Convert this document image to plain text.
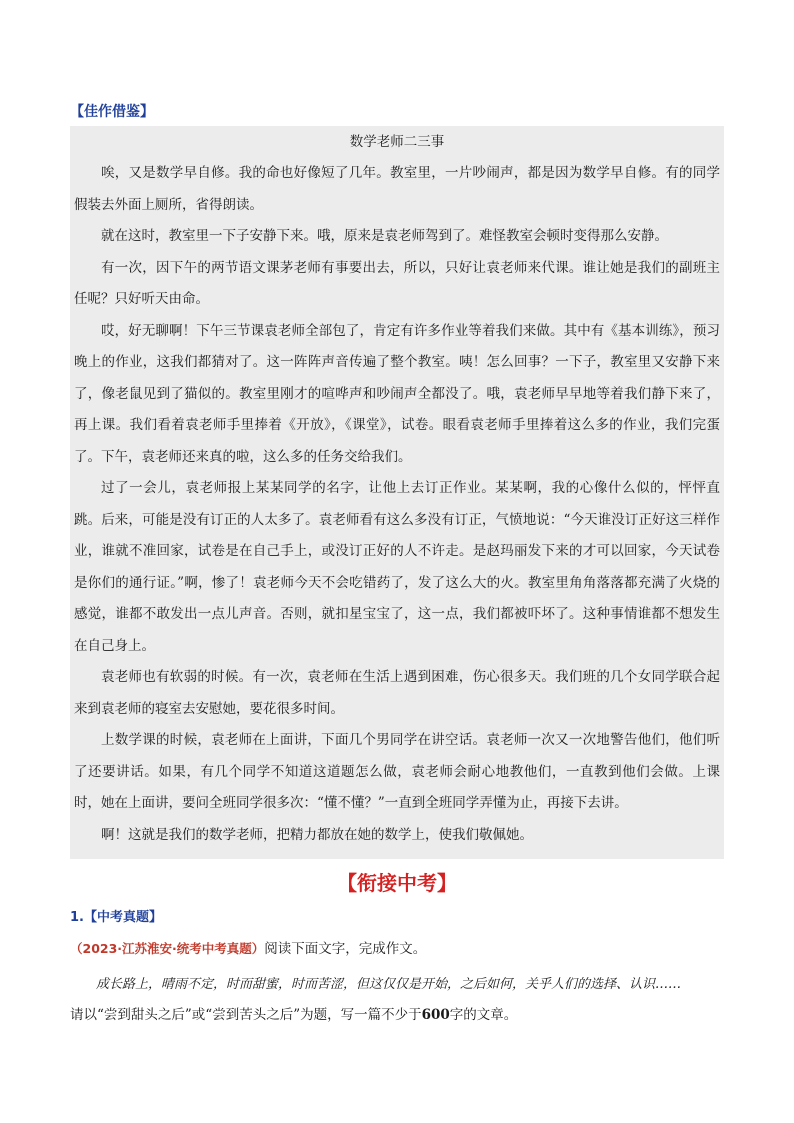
【佳作借鉴】

数学老师二三事

唉，又是数学早自修。我的命也好像短了几年。教室里，一片吵闹声，都是因为数学早自修。有的同学假装去外面上厕所，省得朗读。

就在这时，教室里一下子安静下来。哦，原来是袁老师驾到了。难怪教室会顿时变得那么安静。

有一次，因下午的两节语文课茅老师有事要出去，所以，只好让袁老师来代课。谁让她是我们的副班主任呢？只好听天由命。

哎，好无聊啊！下午三节课袁老师全部包了，肯定有许多作业等着我们来做。其中有《基本训练》，预习晚上的作业，这我们都猜对了。这一阵阵声音传遍了整个教室。咦！怎么回事？一下子，教室里又安静下来了，像老鼠见到了猫似的。教室里刚才的喧哗声和吵闹声全都没了。哦，袁老师早早地等着我们静下来了，再上课。我们看着袁老师手里捧着《开放》，《课堂》，试卷。眼看袁老师手里捧着这么多的作业，我们完蛋了。下午，袁老师还来真的啦，这么多的任务交给我们。

过了一会儿，袁老师报上某某同学的名字，让他上去订正作业。某某啊，我的心像什么似的，怦怦直跳。后来，可能是没有订正的人太多了。袁老师看有这么多没有订正，气愤地说：“今天谁没订正好这三样作业，谁就不准回家，试卷是在自己手上，或没订正好的人不许走。是赵玛丽发下来的才可以回家，今天试卷是你们的通行证。”啊，惨了！袁老师今天不会吃错药了，发了这么大的火。教室里角角落落都充满了火烧的感觉，谁都不敢发出一点儿声音。否则，就扣星宝宝了，这一点，我们都被吓坏了。这种事情谁都不想发生在自己身上。

袁老师也有软弱的时候。有一次，袁老师在生活上遇到困难，伤心很多天。我们班的几个女同学联合起来到袁老师的寝室去安慰她，要花很多时间。

上数学课的时候，袁老师在上面讲，下面几个男同学在讲空话。袁老师一次又一次地警告他们，他们听了还要讲话。如果，有几个同学不知道这道题怎么做，袁老师会耐心地教他们，一直教到他们会做。上课时，她在上面讲，要问全班同学很多次：“懂不懂？”一直到全班同学弄懂为止，再接下去讲。

啊！这就是我们的数学老师，把精力都放在她的数学上，使我们敬佩她。

【衔接中考】
1.【中考真题】
（2023·江苏淮安·统考中考真题）阅读下面文字，完成作文。

成长路上，晴雨不定，时而甜蜜，时而苦涩，但这仅仅是开始，之后如何，关乎人们的选择、认识……

请以“尝到甜头之后”或“尝到苦头之后”为题，写一篇不少于600字的文章。
